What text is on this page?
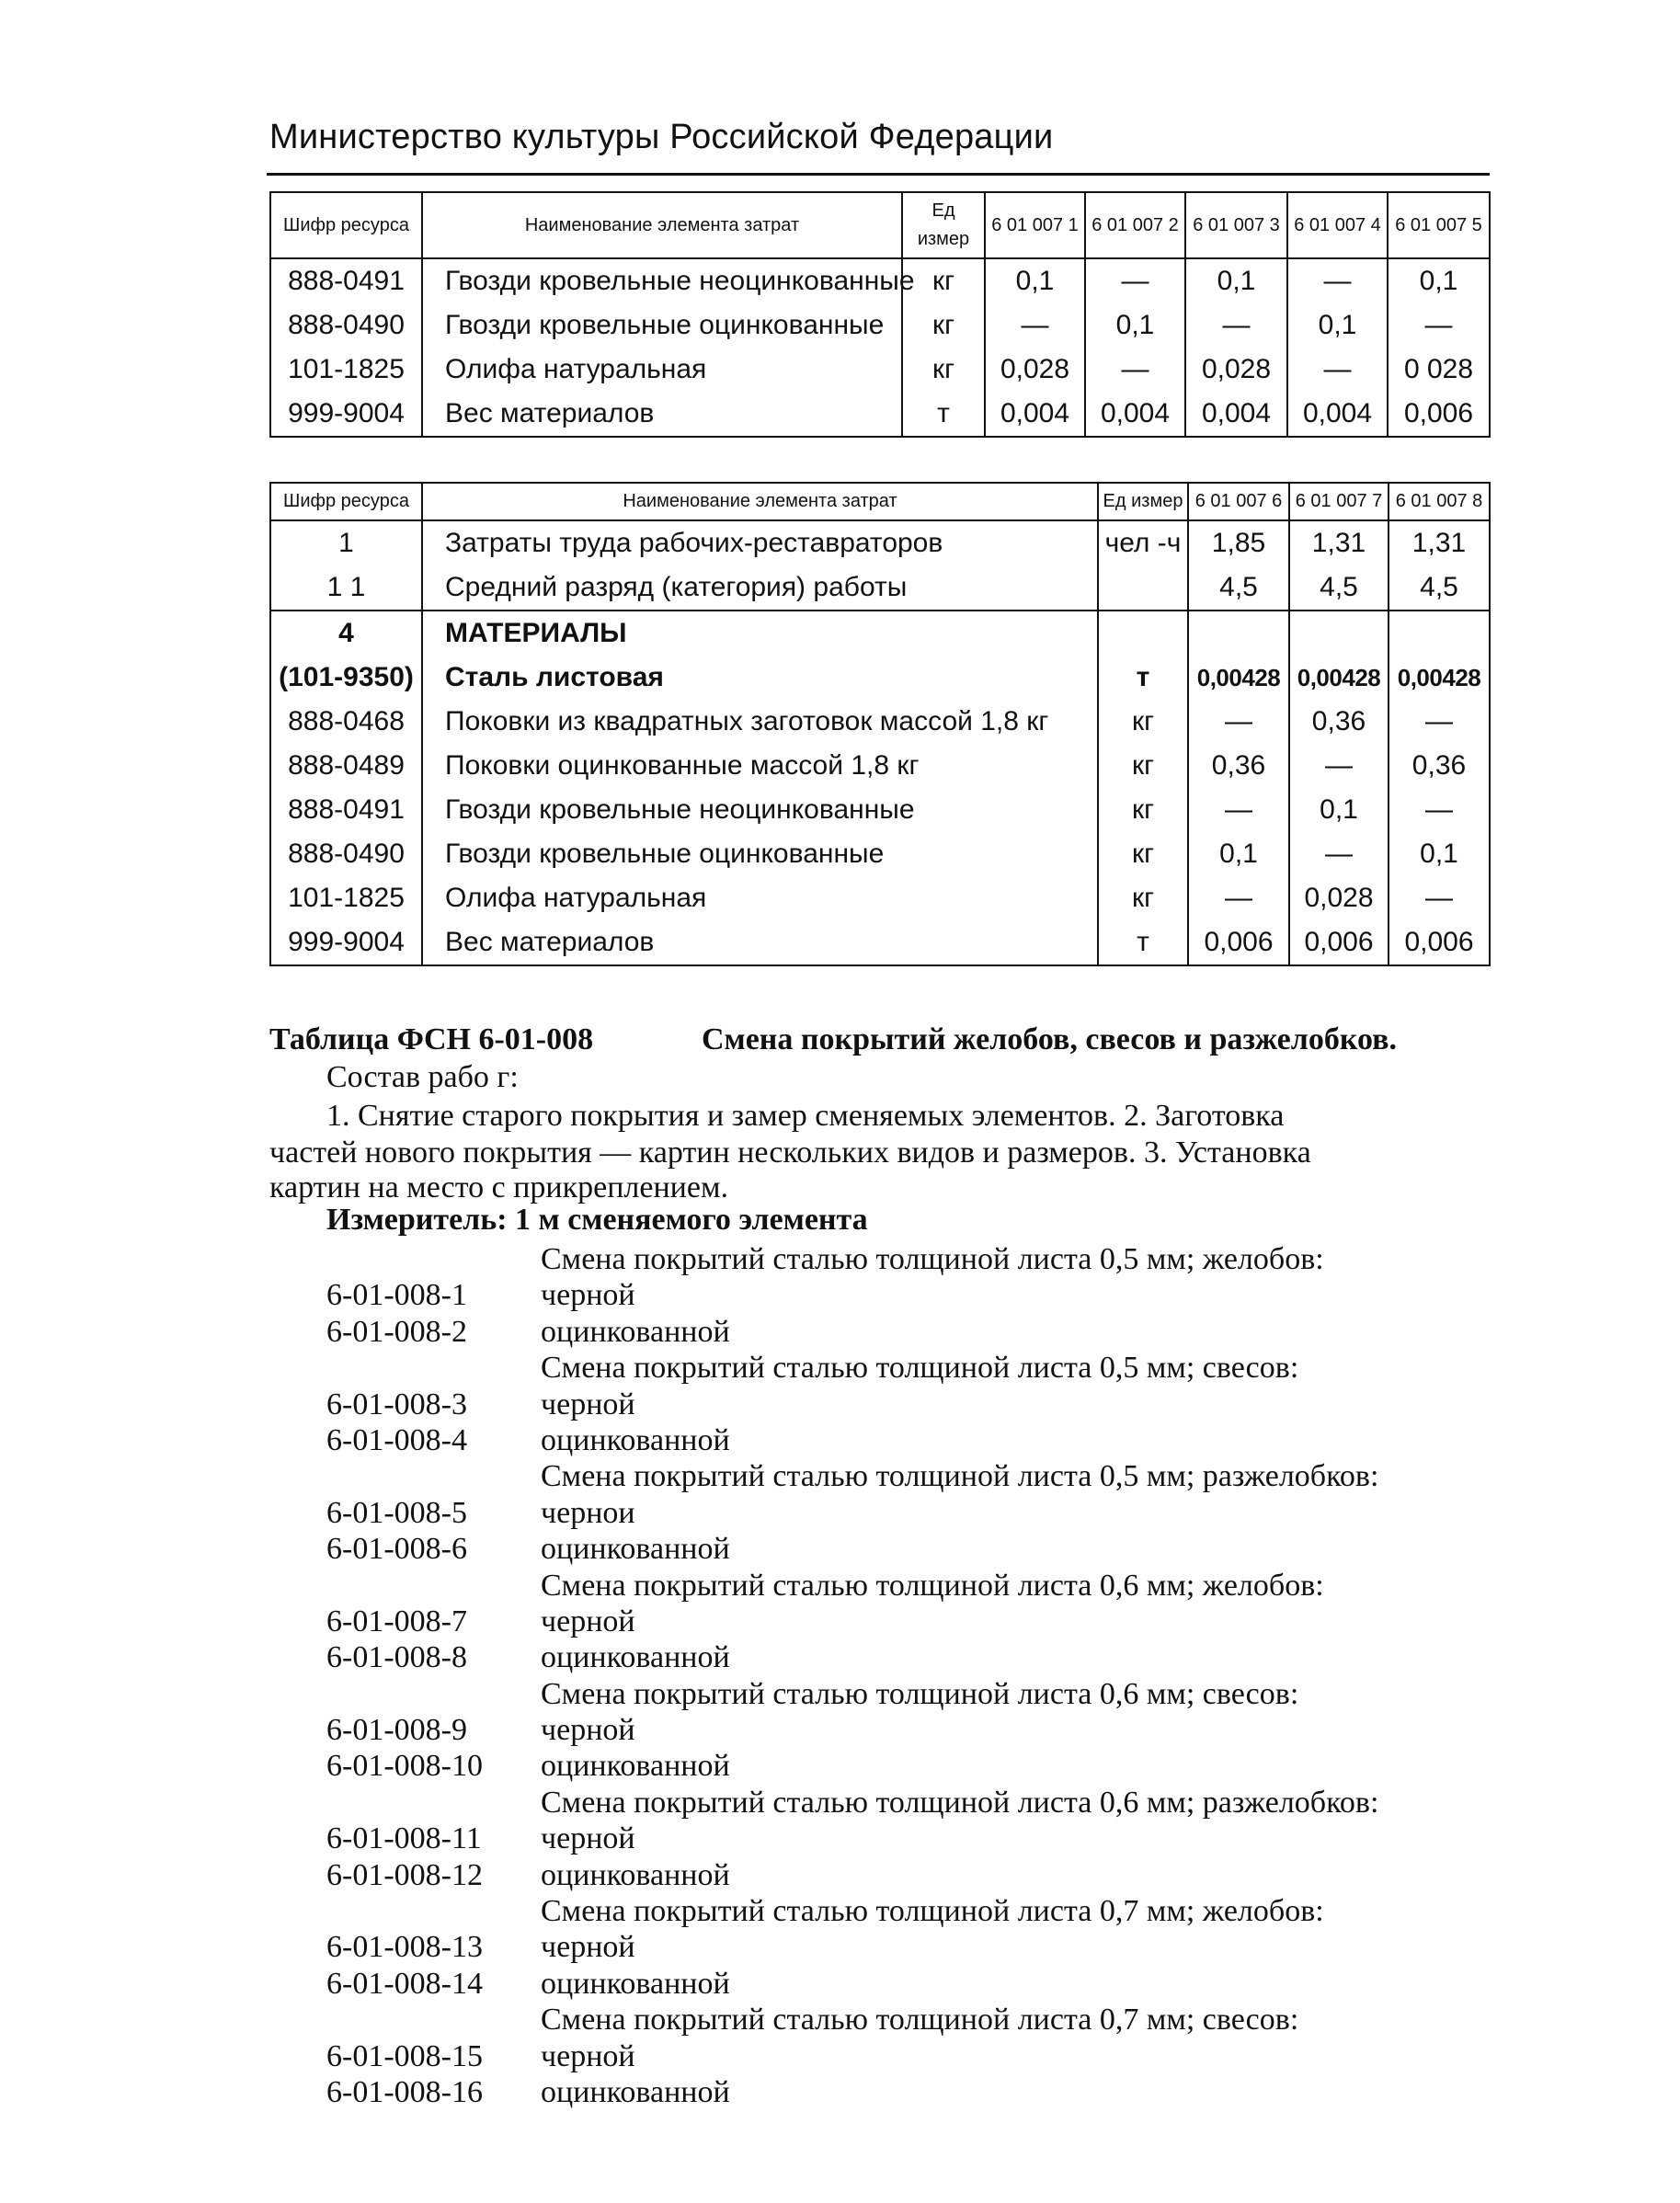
Министерство культуры Российской Федерации
Шифр ресурса	Наименование элемента затрат	Ед измер	6 01 007 1	6 01 007 2	6 01 007 3	6 01 007 4	6 01 007 5
888-0491	Гвозди кровельные неоцинкованные	кг	0,1	—	0,1	—	0,1
888-0490	Гвозди кровельные оцинкованные	кг	—	0,1	—	0,1	—
101-1825	Олифа натуральная	кг	0,028	—	0,028	—	0 028
999-9004	Вес материалов	т	0,004	0,004	0,004	0,004	0,006
Шифр ресурса	Наименование элемента затрат	Ед измер	6 01 007 6	6 01 007 7	6 01 007 8
1	Затраты труда рабочих-реставраторов	чел -ч	1,85	1,31	1,31
1 1	Средний разряд (категория) работы		4,5	4,5	4,5
4	МАТЕРИАЛЫ				
(101-9350)	Сталь листовая	т	0,00428	0,00428	0,00428
888-0468	Поковки из квадратных заготовок массой 1,8 кг	кг	—	0,36	—
888-0489	Поковки оцинкованные массой 1,8 кг	кг	0,36	—	0,36
888-0491	Гвозди кровельные неоцинкованные	кг	—	0,1	—
888-0490	Гвозди кровельные оцинкованные	кг	0,1	—	0,1
101-1825	Олифа натуральная	кг	—	0,028	—
999-9004	Вес материалов	т	0,006	0,006	0,006
Таблица ФСН 6-01-008	Смена покрытий желобов, свесов и разжелобков.
Состав рабо г:
1. Снятие старого покрытия и замер сменяемых элементов. 2. Заготовка
частей нового покрытия — картин нескольких видов и размеров. 3. Установка
картин на место с прикреплением.
Измеритель: 1 м сменяемого элемента
Смена покрытий сталью толщиной листа 0,5 мм; желобов:
6-01-008-1 черной
6-01-008-2 оцинкованной
Смена покрытий сталью толщиной листа 0,5 мм; свесов:
6-01-008-3 черной
6-01-008-4 оцинкованной
Смена покрытий сталью толщиной листа 0,5 мм; разжелобков:
6-01-008-5 чернои
6-01-008-6 оцинкованной
Смена покрытий сталью толщиной листа 0,6 мм; желобов:
6-01-008-7 черной
6-01-008-8 оцинкованной
Смена покрытий сталью толщиной листа 0,6 мм; свесов:
6-01-008-9 черной
6-01-008-10 оцинкованной
Смена покрытий сталью толщиной листа 0,6 мм; разжелобков:
6-01-008-11 черной
6-01-008-12 оцинкованной
Смена покрытий сталью толщиной листа 0,7 мм; желобов:
6-01-008-13 черной
6-01-008-14 оцинкованной
Смена покрытий сталью толщиной листа 0,7 мм; свесов:
6-01-008-15 черной
6-01-008-16 оцинкованной
